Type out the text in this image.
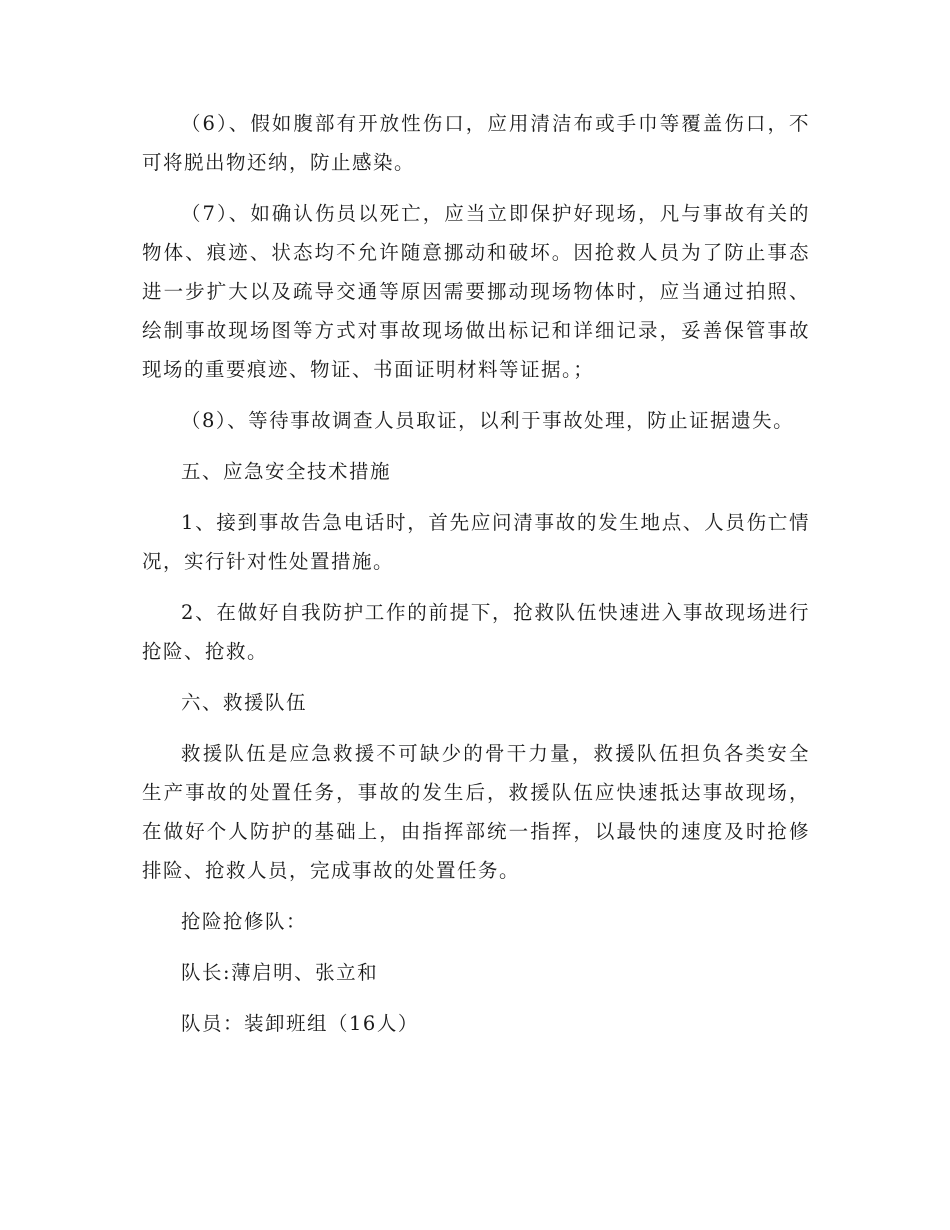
（6）、假如腹部有开放性伤口，应用清洁布或手巾等覆盖伤口，不可将脱出物还纳，防止感染。

（7）、如确认伤员以死亡，应当立即保护好现场，凡与事故有关的物体、痕迹、状态均不允许随意挪动和破坏。因抢救人员为了防止事态进一步扩大以及疏导交通等原因需要挪动现场物体时，应当通过拍照、绘制事故现场图等方式对事故现场做出标记和详细记录，妥善保管事故现场的重要痕迹、物证、书面证明材料等证据。；

（8）、等待事故调查人员取证，以利于事故处理，防止证据遗失。

五、应急安全技术措施

1、接到事故告急电话时，首先应问清事故的发生地点、人员伤亡情况，实行针对性处置措施。

2、在做好自我防护工作的前提下，抢救队伍快速进入事故现场进行抢险、抢救。

六、救援队伍

救援队伍是应急救援不可缺少的骨干力量，救援队伍担负各类安全生产事故的处置任务，事故的发生后，救援队伍应快速抵达事故现场，在做好个人防护的基础上，由指挥部统一指挥，以最快的速度及时抢修排险、抢救人员，完成事故的处置任务。

抢险抢修队：

队长:薄启明、张立和

队员：装卸班组（16人）
